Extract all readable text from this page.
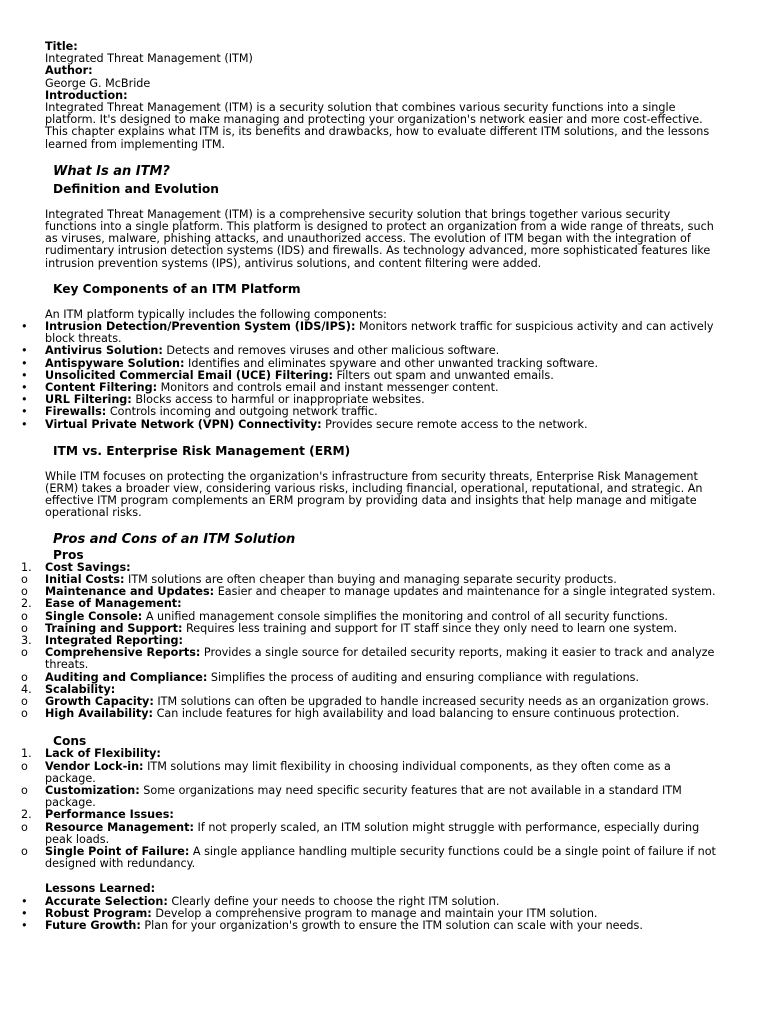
Title:
Integrated Threat Management (ITM)
Author:
George G. McBride
Introduction:

Integrated Threat Management (ITM) is a security solution that combines various security functions into a single platform. It's designed to make managing and protecting your organization's network easier and more cost-effective. This chapter explains what ITM is, its benefits and drawbacks, how to evaluate different ITM solutions, and the lessons learned from implementing ITM.

What Is an ITM?
Definition and Evolution

Integrated Threat Management (ITM) is a comprehensive security solution that brings together various security functions into a single platform. This platform is designed to protect an organization from a wide range of threats, such as viruses, malware, phishing attacks, and unauthorized access. The evolution of ITM began with the integration of rudimentary intrusion detection systems (IDS) and firewalls. As technology advanced, more sophisticated features like intrusion prevention systems (IPS), antivirus solutions, and content filtering were added.

Key Components of an ITM Platform

An ITM platform typically includes the following components:

•	Intrusion Detection/Prevention System (IDS/IPS): Monitors network traffic for suspicious activity and can actively block threats.
•	Antivirus Solution: Detects and removes viruses and other malicious software.
•	Antispyware Solution: Identifies and eliminates spyware and other unwanted tracking software.
•	Unsolicited Commercial Email (UCE) Filtering: Filters out spam and unwanted emails.
•	Content Filtering: Monitors and controls email and instant messenger content.
•	URL Filtering: Blocks access to harmful or inappropriate websites.
•	Firewalls: Controls incoming and outgoing network traffic.
•	Virtual Private Network (VPN) Connectivity: Provides secure remote access to the network.
ITM vs. Enterprise Risk Management (ERM)

While ITM focuses on protecting the organization's infrastructure from security threats, Enterprise Risk Management (ERM) takes a broader view, considering various risks, including financial, operational, reputational, and strategic. An effective ITM program complements an ERM program by providing data and insights that help manage and mitigate operational risks.

Pros and Cons of an ITM Solution
Pros
1.	Cost Savings:
o	Initial Costs: ITM solutions are often cheaper than buying and managing separate security products.
o	Maintenance and Updates: Easier and cheaper to manage updates and maintenance for a single integrated system.
2.	Ease of Management:
o	Single Console: A unified management console simplifies the monitoring and control of all security functions.
o	Training and Support: Requires less training and support for IT staff since they only need to learn one system.
3.	Integrated Reporting:
o	Comprehensive Reports: Provides a single source for detailed security reports, making it easier to track and analyze threats.
o	Auditing and Compliance: Simplifies the process of auditing and ensuring compliance with regulations.
4.	Scalability:
o	Growth Capacity: ITM solutions can often be upgraded to handle increased security needs as an organization grows.
o	High Availability: Can include features for high availability and load balancing to ensure continuous protection.
Cons
1.	Lack of Flexibility:
o	Vendor Lock-in: ITM solutions may limit flexibility in choosing individual components, as they often come as a package.
o	Customization: Some organizations may need specific security features that are not available in a standard ITM package.
2.	Performance Issues:
o	Resource Management: If not properly scaled, an ITM solution might struggle with performance, especially during peak loads.
o	Single Point of Failure: A single appliance handling multiple security functions could be a single point of failure if not designed with redundancy.
Lessons Learned:
•	Accurate Selection: Clearly define your needs to choose the right ITM solution.
•	Robust Program: Develop a comprehensive program to manage and maintain your ITM solution.
•	Future Growth: Plan for your organization's growth to ensure the ITM solution can scale with your needs.
